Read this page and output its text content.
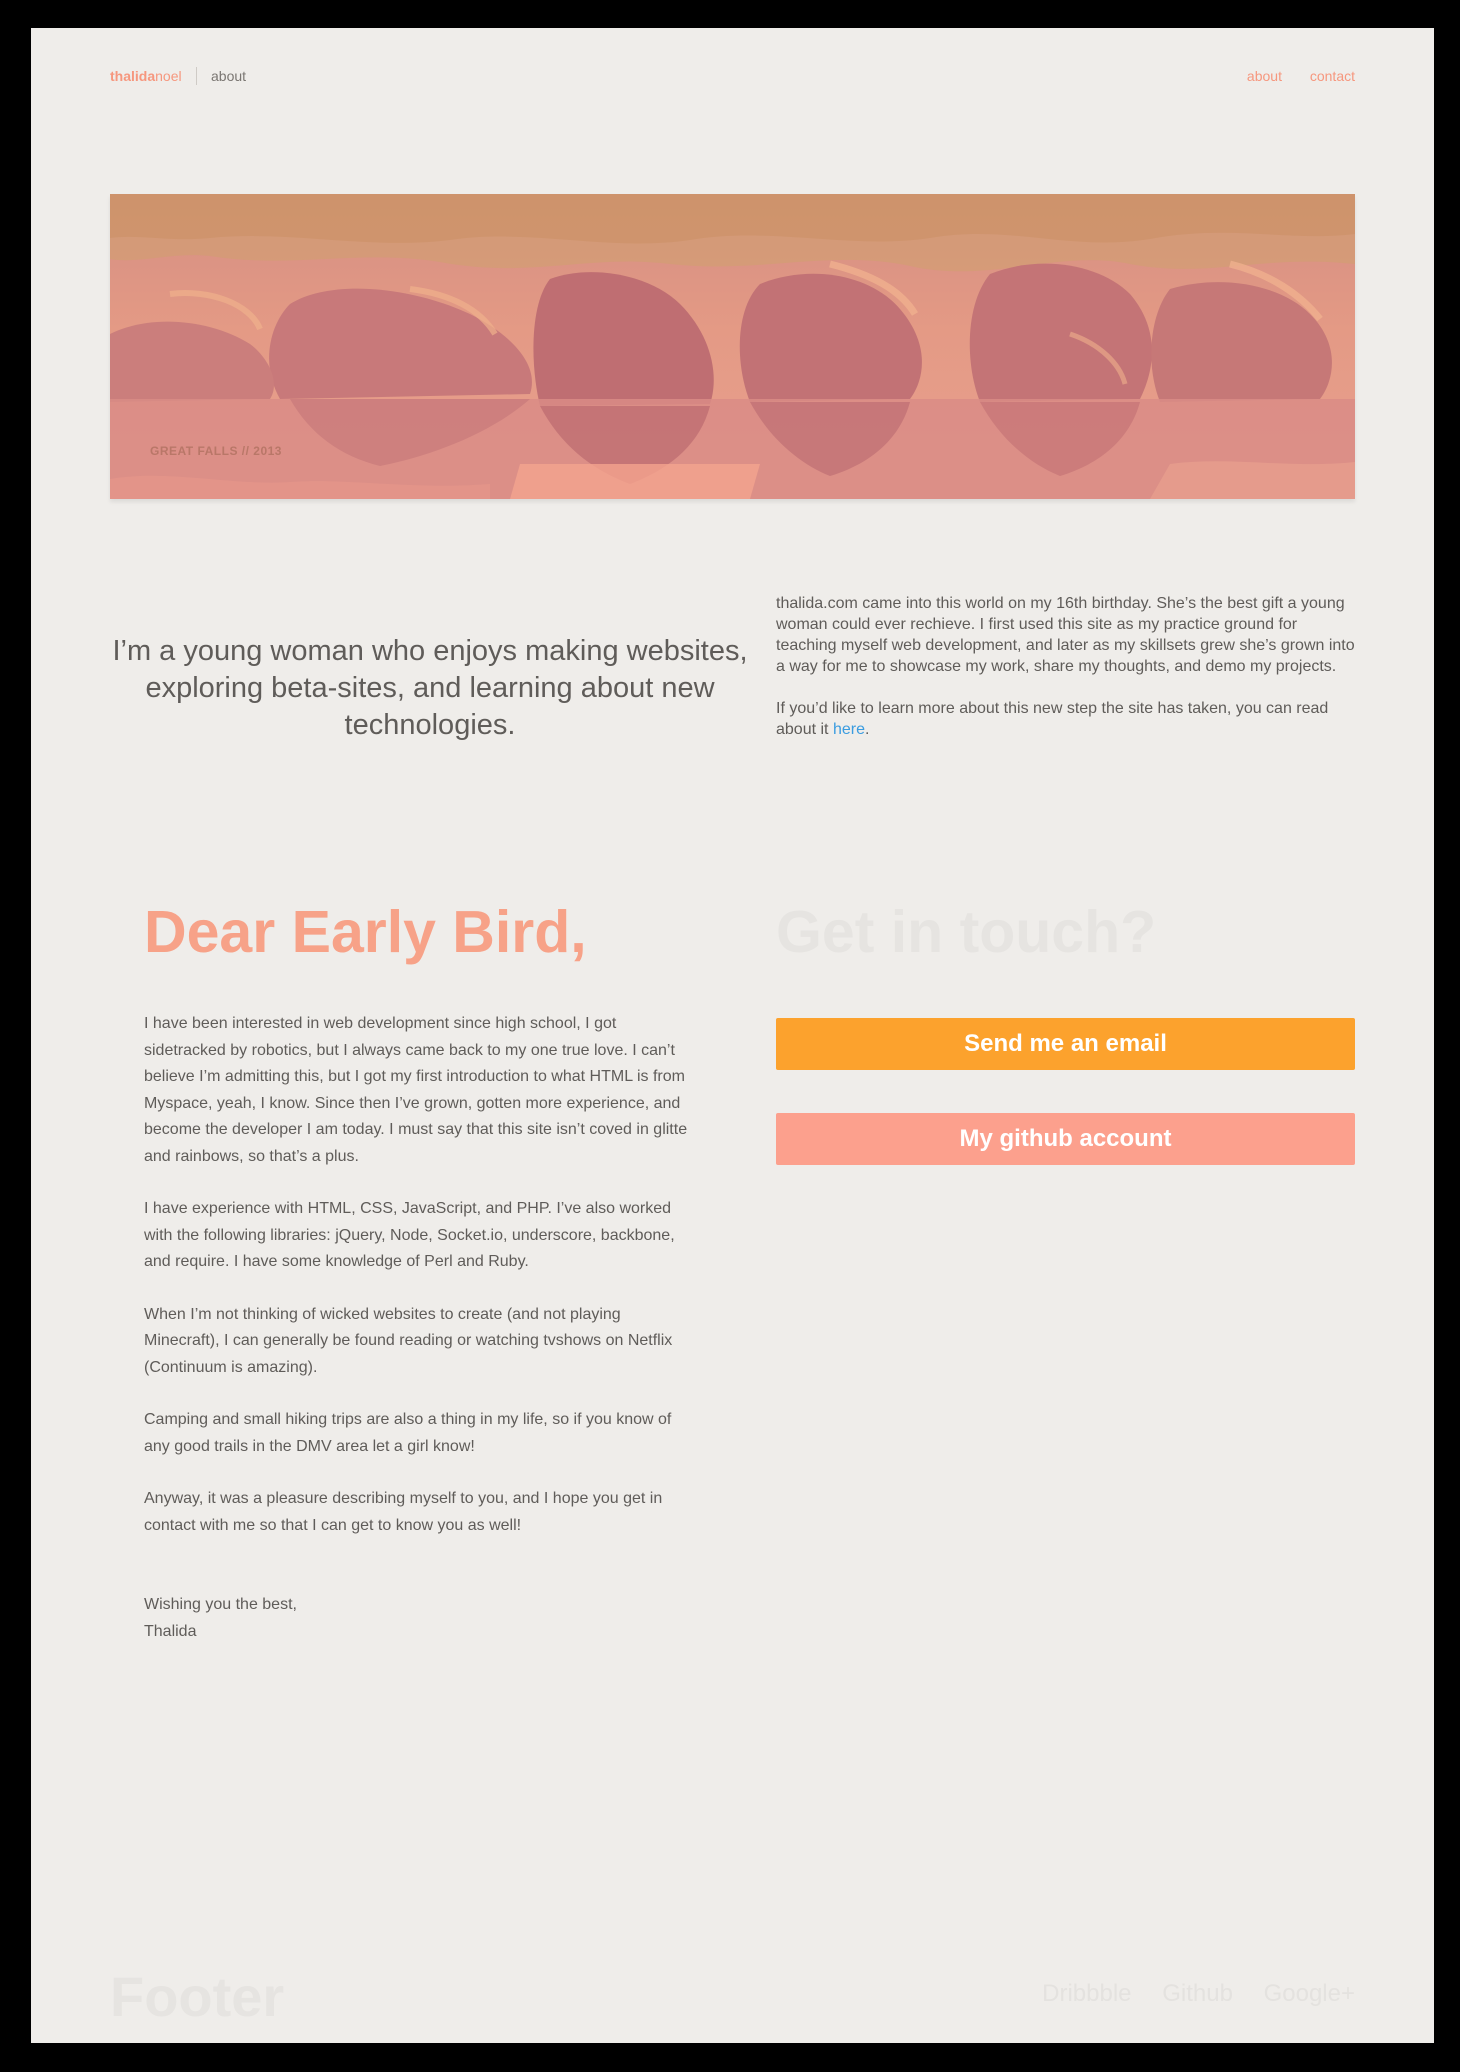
thalidanoel about	about contact
GREAT FALLS // 2013
I’m a young woman who enjoys making websites, exploring beta-sites, and learning about new technologies.

thalida.com came into this world on my 16th birthday. She’s the best gift a young woman could ever rechieve. I first used this site as my practice ground for teaching myself web development, and later as my skillsets grew she’s grown into a way for me to showcase my work, share my thoughts, and demo my projects.

If you’d like to learn more about this new step the site has taken, you can read about it here.

Dear Early Bird,

I have been interested in web development since high school, I got sidetracked by robotics, but I always came back to my one true love. I can’t believe I’m admitting this, but I got my first introduction to what HTML is from Myspace, yeah, I know. Since then I’ve grown, gotten more experience, and become the developer I am today. I must say that this site isn’t coved in glitte and rainbows, so that’s a plus.

I have experience with HTML, CSS, JavaScript, and PHP. I’ve also worked with the following libraries: jQuery, Node, Socket.io, underscore, backbone, and require. I have some knowledge of Perl and Ruby.

When I’m not thinking of wicked websites to create (and not playing Minecraft), I can generally be found reading or watching tvshows on Netflix (Continuum is amazing).

Camping and small hiking trips are also a thing in my life, so if you know of any good trails in the DMV area let a girl know!

Anyway, it was a pleasure describing myself to you, and I hope you get in contact with me so that I can get to know you as well!

Wishing you the best,
Thalida
Get in touch?
Send me an email
My github account
Footer	Dribbble Github Google+
